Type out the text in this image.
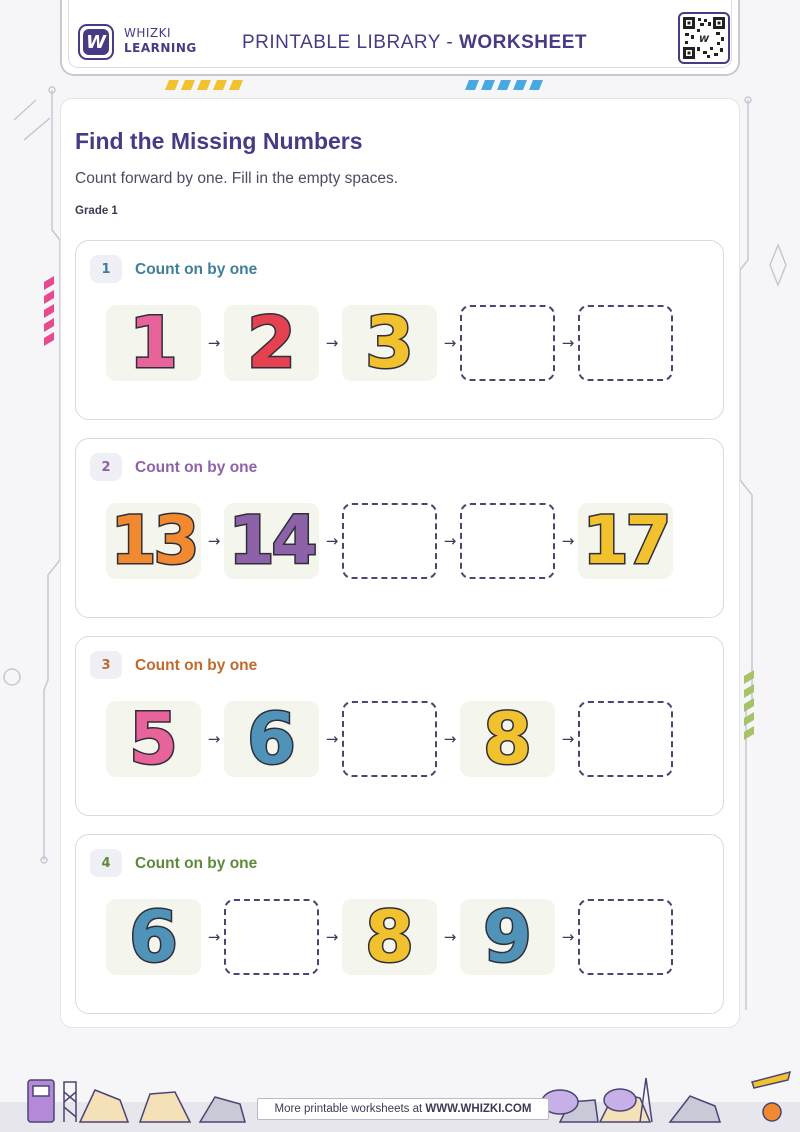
W WHIZKI
LEARNING PRINTABLE LIBRARY - WORKSHEET	W
Find the Missing Numbers
Count forward by one. Fill in the empty spaces.
Grade 1
1	Count on by one
1	→ 2	→ 3	→	→
2	Count on by one
13 → 14 →	→	→ 17
3	Count on by one
5	→ 6	→	→ 8	→
4	Count on by one
6	→	→ 8	→ 9	→
More printable worksheets at WWW.WHIZKI.COM
